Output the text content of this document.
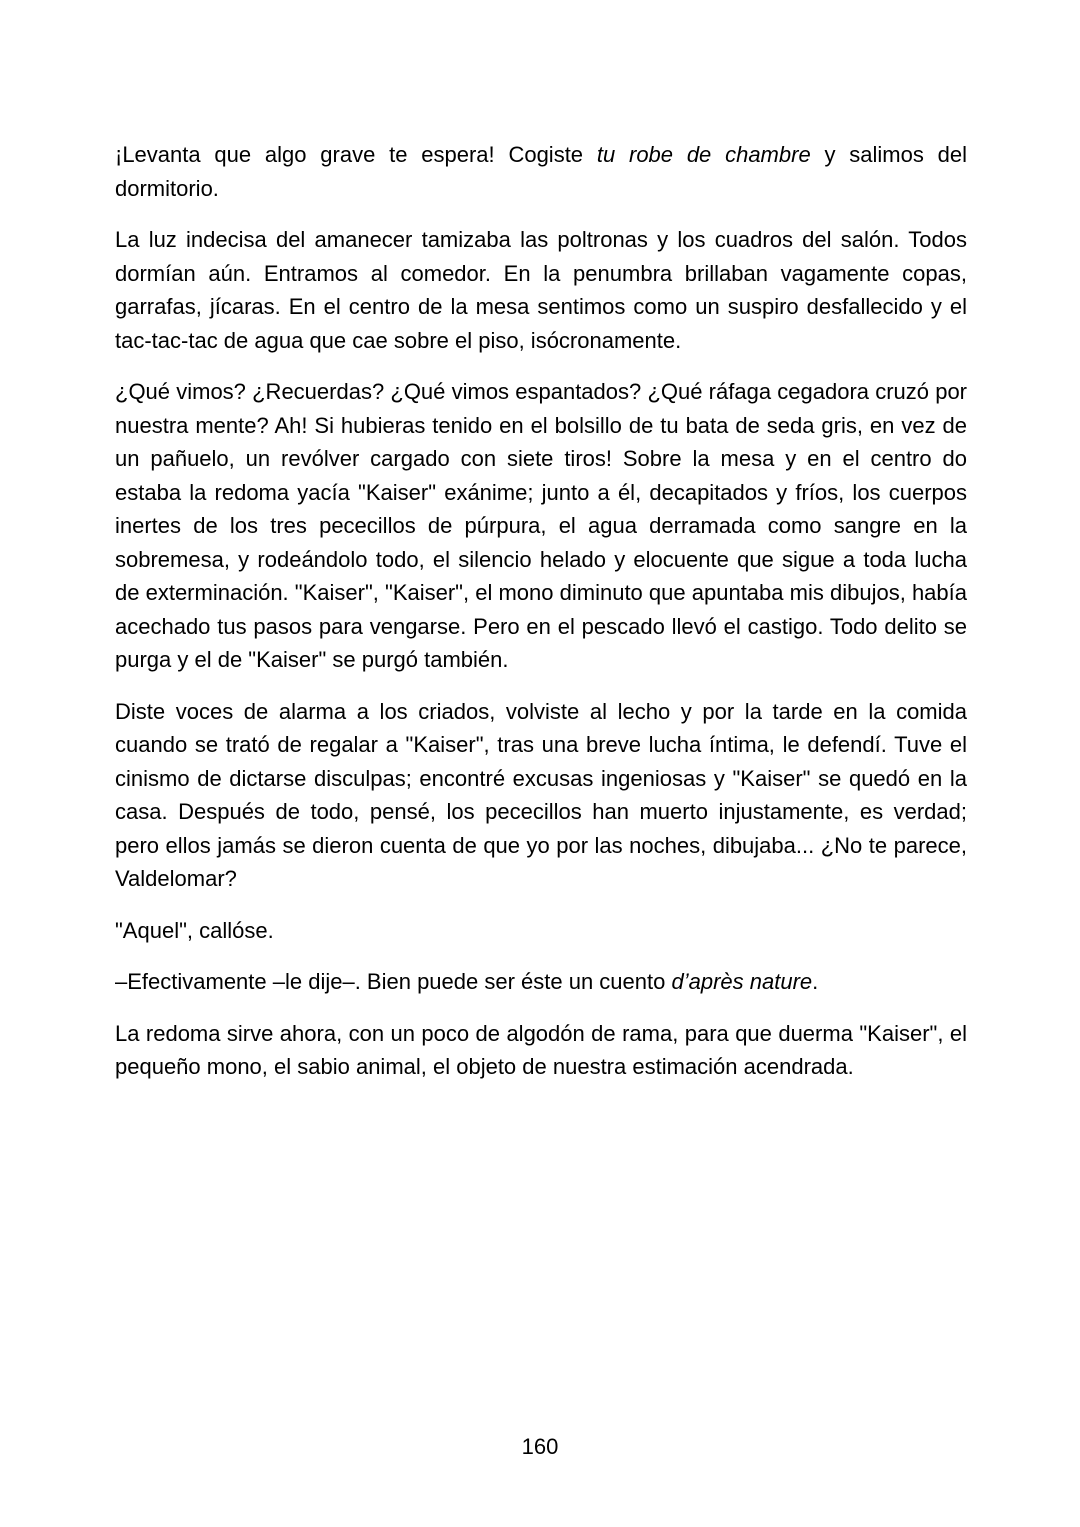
¡Levanta que algo grave te espera! Cogiste tu robe de chambre y salimos del dormitorio.

La luz indecisa del amanecer tamizaba las poltronas y los cuadros del salón. Todos dormían aún. Entramos al comedor. En la penumbra brillaban vagamente copas, garrafas, jícaras. En el centro de la mesa sentimos como un suspiro desfallecido y el tac-tac-tac de agua que cae sobre el piso, isócronamente.

¿Qué vimos? ¿Recuerdas? ¿Qué vimos espantados? ¿Qué ráfaga cegadora cruzó por nuestra mente? Ah! Si hubieras tenido en el bolsillo de tu bata de seda gris, en vez de un pañuelo, un revólver cargado con siete tiros! Sobre la mesa y en el centro do estaba la redoma yacía "Kaiser" exánime; junto a él, decapitados y fríos, los cuerpos inertes de los tres pececillos de púrpura, el agua derramada como sangre en la sobremesa, y rodeándolo todo, el silencio helado y elocuente que sigue a toda lucha de exterminación. "Kaiser", "Kaiser", el mono diminuto que apuntaba mis dibujos, había acechado tus pasos para vengarse. Pero en el pescado llevó el castigo. Todo delito se purga y el de "Kaiser" se purgó también.

Diste voces de alarma a los criados, volviste al lecho y por la tarde en la comida cuando se trató de regalar a "Kaiser", tras una breve lucha íntima, le defendí. Tuve el cinismo de dictarse disculpas; encontré excusas ingeniosas y "Kaiser" se quedó en la casa. Después de todo, pensé, los pececillos han muerto injustamente, es verdad; pero ellos jamás se dieron cuenta de que yo por las noches, dibujaba... ¿No te parece, Valdelomar?

"Aquel", callóse.

–Efectivamente –le dije–. Bien puede ser éste un cuento d’après nature.

La redoma sirve ahora, con un poco de algodón de rama, para que duerma "Kaiser", el pequeño mono, el sabio animal, el objeto de nuestra estimación acendrada.

160
